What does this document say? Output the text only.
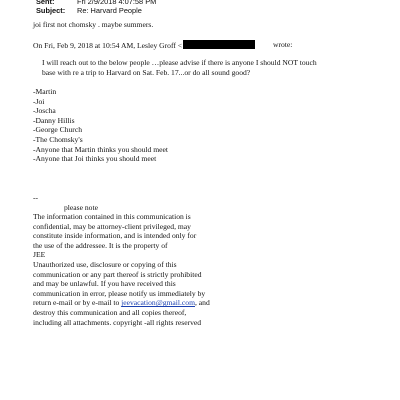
Sent:	Fri 2/9/2018 4:07:58 PM
Subject:	Re: Harvard People
joi first not chomsky . maybe summers.
On Fri, Feb 9, 2018 at 10:54 AM, Lesley Groff <	wrote:
I will reach out to the below people …please advise if there is anyone I should NOT touch
base with re a trip to Harvard on Sat. Feb. 17...or do all sound good?
-Martin
-Joi
-Joscha
-Danny Hillis
-George Church
-The Chomsky's
-Anyone that Martin thinks you should meet
-Anyone that Joi thinks you should meet
--
please note
The information contained in this communication is
confidential, may be attorney-client privileged, may
constitute inside information, and is intended only for
the use of the addressee. It is the property of
JEE
Unauthorized use, disclosure or copying of this
communication or any part thereof is strictly prohibited
and may be unlawful. If you have received this
communication in error, please notify us immediately by
return e-mail or by e-mail to jeevacation@gmail.com, and
destroy this communication and all copies thereof,
including all attachments. copyright -all rights reserved
